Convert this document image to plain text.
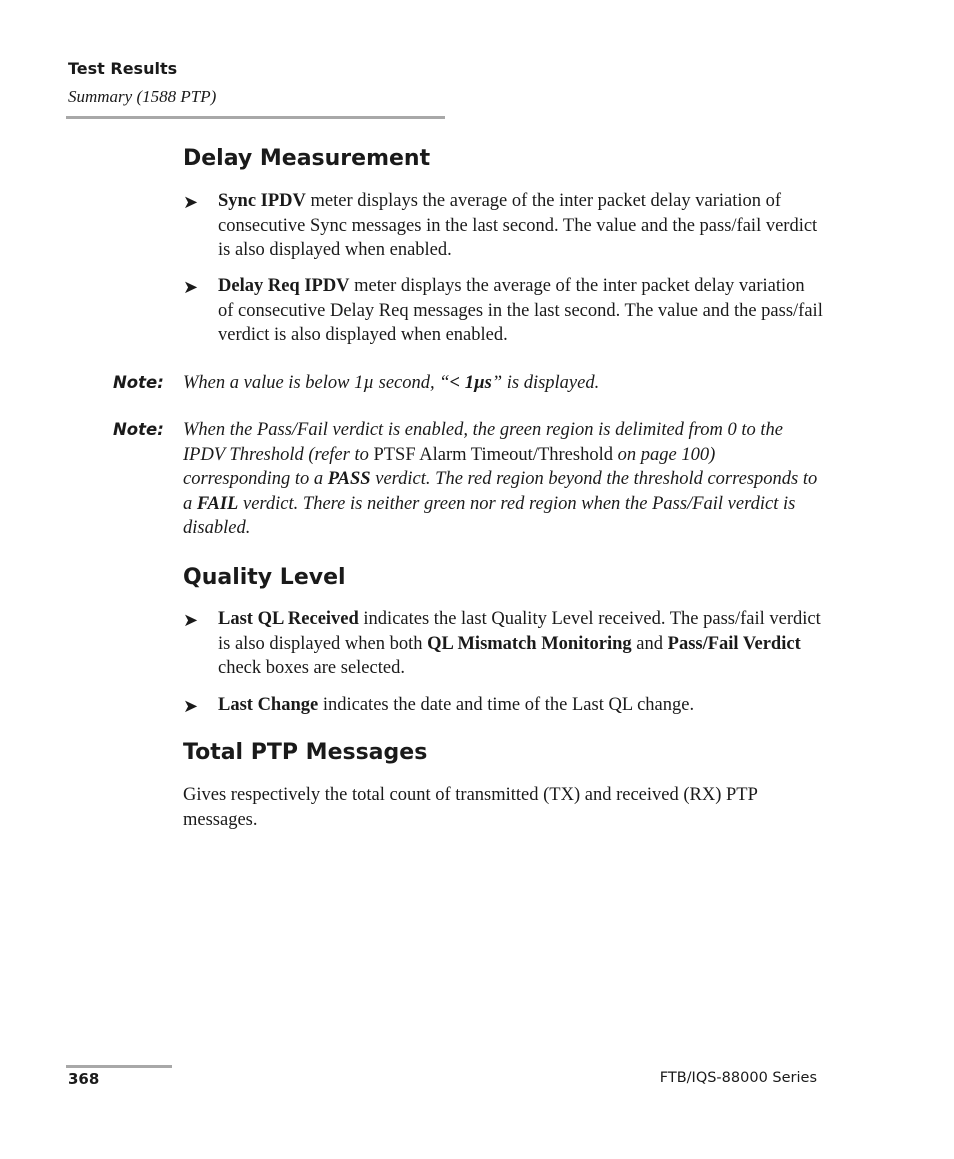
Test Results
Summary (1588 PTP)
Delay Measurement
➤ Sync IPDV meter displays the average of the inter packet delay variation of consecutive Sync messages in the last second. The value and the pass/fail verdict is also displayed when enabled.
➤ Delay Req IPDV meter displays the average of the inter packet delay variation of consecutive Delay Req messages in the last second. The value and the pass/fail verdict is also displayed when enabled.
Note: When a value is below 1µ second, “< 1µs” is displayed.
Note: When the Pass/Fail verdict is enabled, the green region is delimited from 0 to the IPDV Threshold (refer to PTSF Alarm Timeout/Threshold on page 100) corresponding to a PASS verdict. The red region beyond the threshold corresponds to a FAIL verdict. There is neither green nor red region when the Pass/Fail verdict is disabled.
Quality Level
➤ Last QL Received indicates the last Quality Level received. The pass/fail verdict is also displayed when both QL Mismatch Monitoring and Pass/Fail Verdict check boxes are selected.
➤ Last Change indicates the date and time of the Last QL change.
Total PTP Messages
Gives respectively the total count of transmitted (TX) and received (RX) PTP messages.
368	FTB/IQS-88000 Series
